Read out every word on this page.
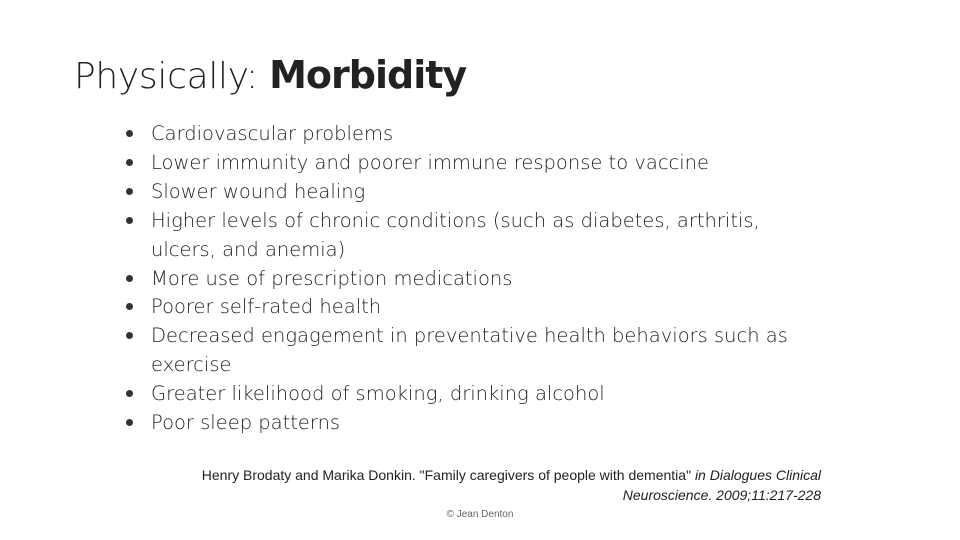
Physically: Morbidity
Cardiovascular problems
Lower immunity and poorer immune response to vaccine
Slower wound healing
Higher levels of chronic conditions (such as diabetes, arthritis, ulcers, and anemia)
More use of prescription medications
Poorer self-rated health
Decreased engagement in preventative health behaviors such as exercise
Greater likelihood of smoking, drinking alcohol
Poor sleep patterns
Henry Brodaty and Marika Donkin. "Family caregivers of people with dementia" in Dialogues Clinical Neuroscience. 2009;11:217-228
© Jean Denton
